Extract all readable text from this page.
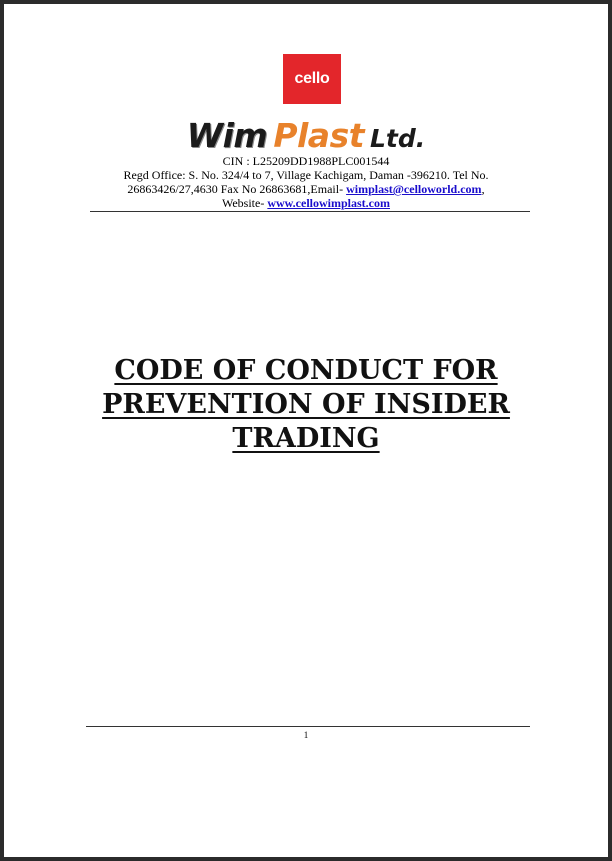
cello
Wim Plast Ltd.
CIN : L25209DD1988PLC001544
Regd Office: S. No. 324/4 to 7, Village Kachigam, Daman -396210. Tel No.
26863426/27,4630 Fax No 26863681,Email- wimplast@celloworld.com,
Website- www.cellowimplast.com
CODE OF CONDUCT FOR
PREVENTION OF INSIDER
TRADING
1
